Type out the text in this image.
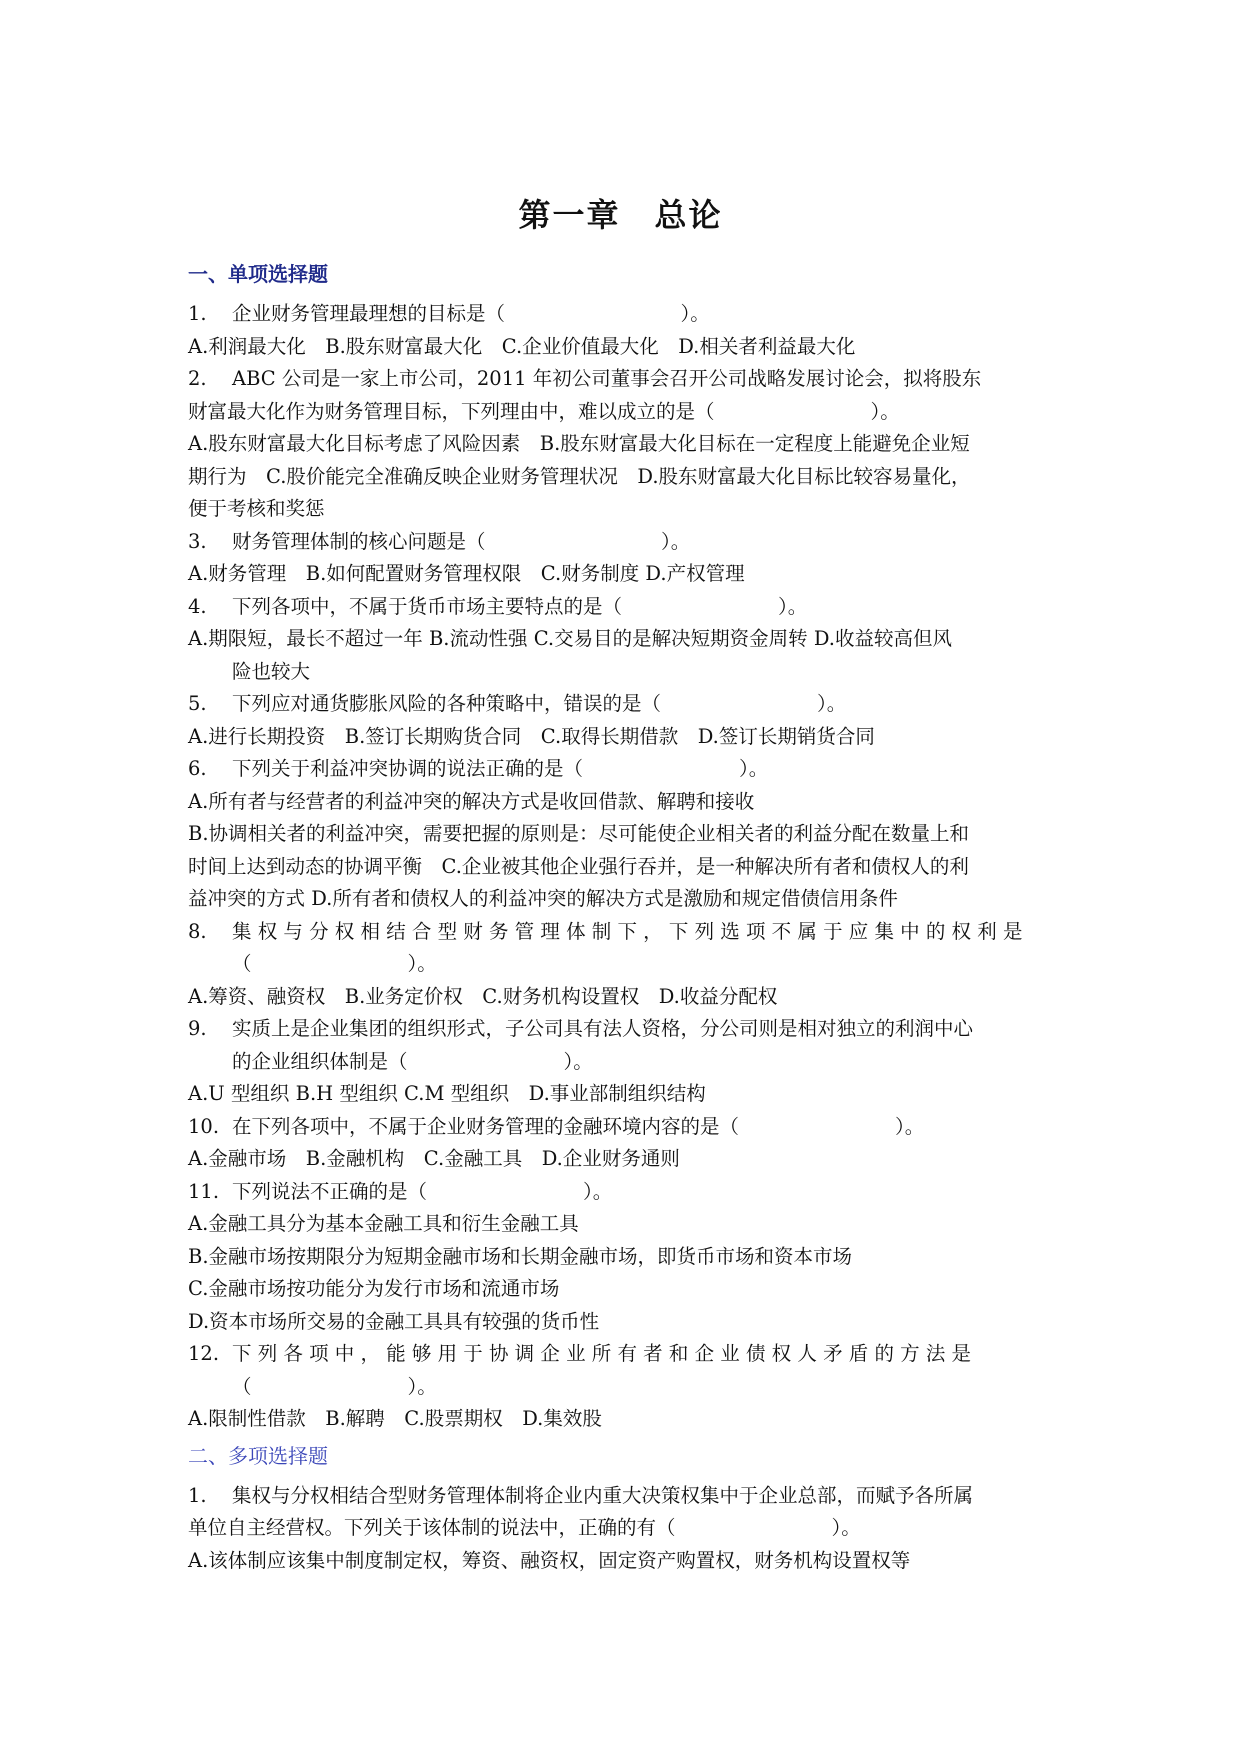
第一章　总论
一、单项选择题
1. 企业财务管理最理想的目标是（　　　　　　　　　）。
A.利润最大化　B.股东财富最大化　C.企业价值最大化　D.相关者利益最大化
2. ABC 公司是一家上市公司，2011 年初公司董事会召开公司战略发展讨论会，拟将股东
财富最大化作为财务管理目标，下列理由中，难以成立的是（　　　　　　　　）。
A.股东财富最大化目标考虑了风险因素　B.股东财富最大化目标在一定程度上能避免企业短
期行为　C.股价能完全准确反映企业财务管理状况　D.股东财富最大化目标比较容易量化，
便于考核和奖惩
3. 财务管理体制的核心问题是（　　　　　　　　　）。
A.财务管理　B.如何配置财务管理权限　C.财务制度 D.产权管理
4. 下列各项中，不属于货币市场主要特点的是（　　　　　　　　）。
A.期限短，最长不超过一年 B.流动性强 C.交易目的是解决短期资金周转 D.收益较高但风
险也较大
5. 下列应对通货膨胀风险的各种策略中，错误的是（　　　　　　　　）。
A.进行长期投资　B.签订长期购货合同　C.取得长期借款　D.签订长期销货合同
6. 下列关于利益冲突协调的说法正确的是（　　　　　　　　）。
A.所有者与经营者的利益冲突的解决方式是收回借款、解聘和接收
B.协调相关者的利益冲突，需要把握的原则是：尽可能使企业相关者的利益分配在数量上和
时间上达到动态的协调平衡　C.企业被其他企业强行吞并，是一种解决所有者和债权人的利
益冲突的方式 D.所有者和债权人的利益冲突的解决方式是激励和规定借债信用条件
8. 集 权 与 分 权 相 结 合 型 财 务 管 理 体 制 下 ， 下 列 选 项 不 属 于 应 集 中 的 权 利 是
（　　　　　　　　）。
A.筹资、融资权　B.业务定价权　C.财务机构设置权　D.收益分配权
9. 实质上是企业集团的组织形式，子公司具有法人资格，分公司则是相对独立的利润中心
的企业组织体制是（　　　　　　　　）。
A.U 型组织 B.H 型组织 C.M 型组织　D.事业部制组织结构
10. 在下列各项中，不属于企业财务管理的金融环境内容的是（　　　　　　　　）。
A.金融市场　B.金融机构　C.金融工具　D.企业财务通则
11. 下列说法不正确的是（　　　　　　　　）。
A.金融工具分为基本金融工具和衍生金融工具
B.金融市场按期限分为短期金融市场和长期金融市场，即货币市场和资本市场
C.金融市场按功能分为发行市场和流通市场
D.资本市场所交易的金融工具具有较强的货币性
12. 下 列 各 项 中 ， 能 够 用 于 协 调 企 业 所 有 者 和 企 业 债 权 人 矛 盾 的 方 法 是
（　　　　　　　　）。
A.限制性借款　B.解聘　C.股票期权　D.集效股
二、多项选择题
1. 集权与分权相结合型财务管理体制将企业内重大决策权集中于企业总部，而赋予各所属
单位自主经营权。下列关于该体制的说法中，正确的有（　　　　　　　　）。
A.该体制应该集中制度制定权，筹资、融资权，固定资产购置权，财务机构设置权等
